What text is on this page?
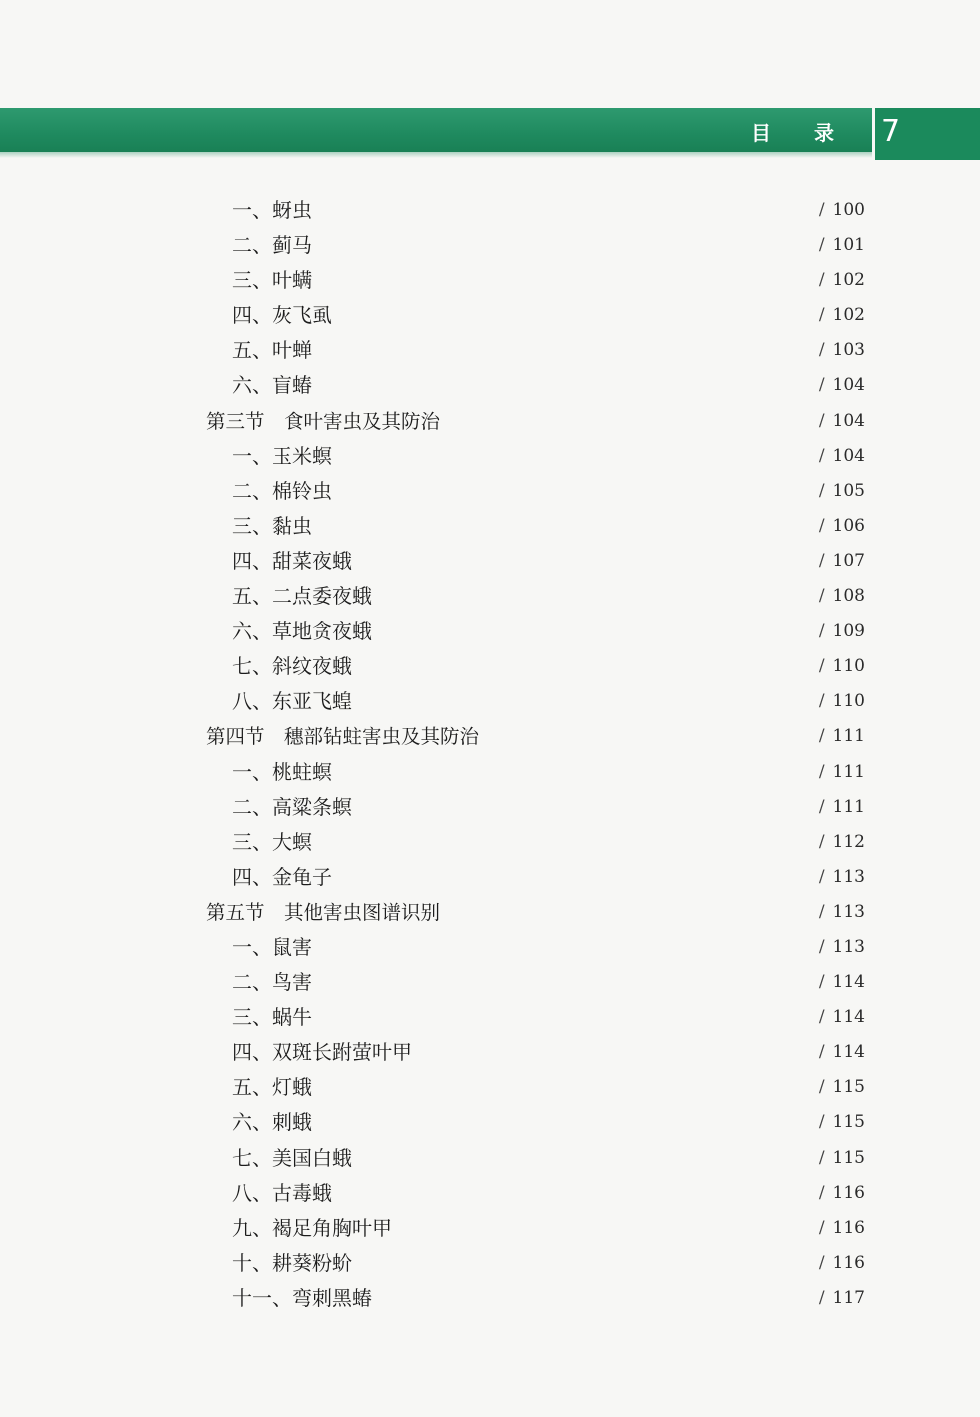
目 录 7
一、蚜虫	/ 100
二、蓟马	/ 101
三、叶螨	/ 102
四、灰飞虱	/ 102
五、叶蝉	/ 103
六、盲蝽	/ 104
第三节　食叶害虫及其防治	/ 104
一、玉米螟	/ 104
二、棉铃虫	/ 105
三、黏虫	/ 106
四、甜菜夜蛾	/ 107
五、二点委夜蛾	/ 108
六、草地贪夜蛾	/ 109
七、斜纹夜蛾	/ 110
八、东亚飞蝗	/ 110
第四节　穗部钻蛀害虫及其防治	/ 111
一、桃蛀螟	/ 111
二、高粱条螟	/ 111
三、大螟	/ 112
四、金龟子	/ 113
第五节　其他害虫图谱识别	/ 113
一、鼠害	/ 113
二、鸟害	/ 114
三、蜗牛	/ 114
四、双斑长跗萤叶甲	/ 114
五、灯蛾	/ 115
六、刺蛾	/ 115
七、美国白蛾	/ 115
八、古毒蛾	/ 116
九、褐足角胸叶甲	/ 116
十、耕葵粉蚧	/ 116
十一、弯刺黑蝽	/ 117
